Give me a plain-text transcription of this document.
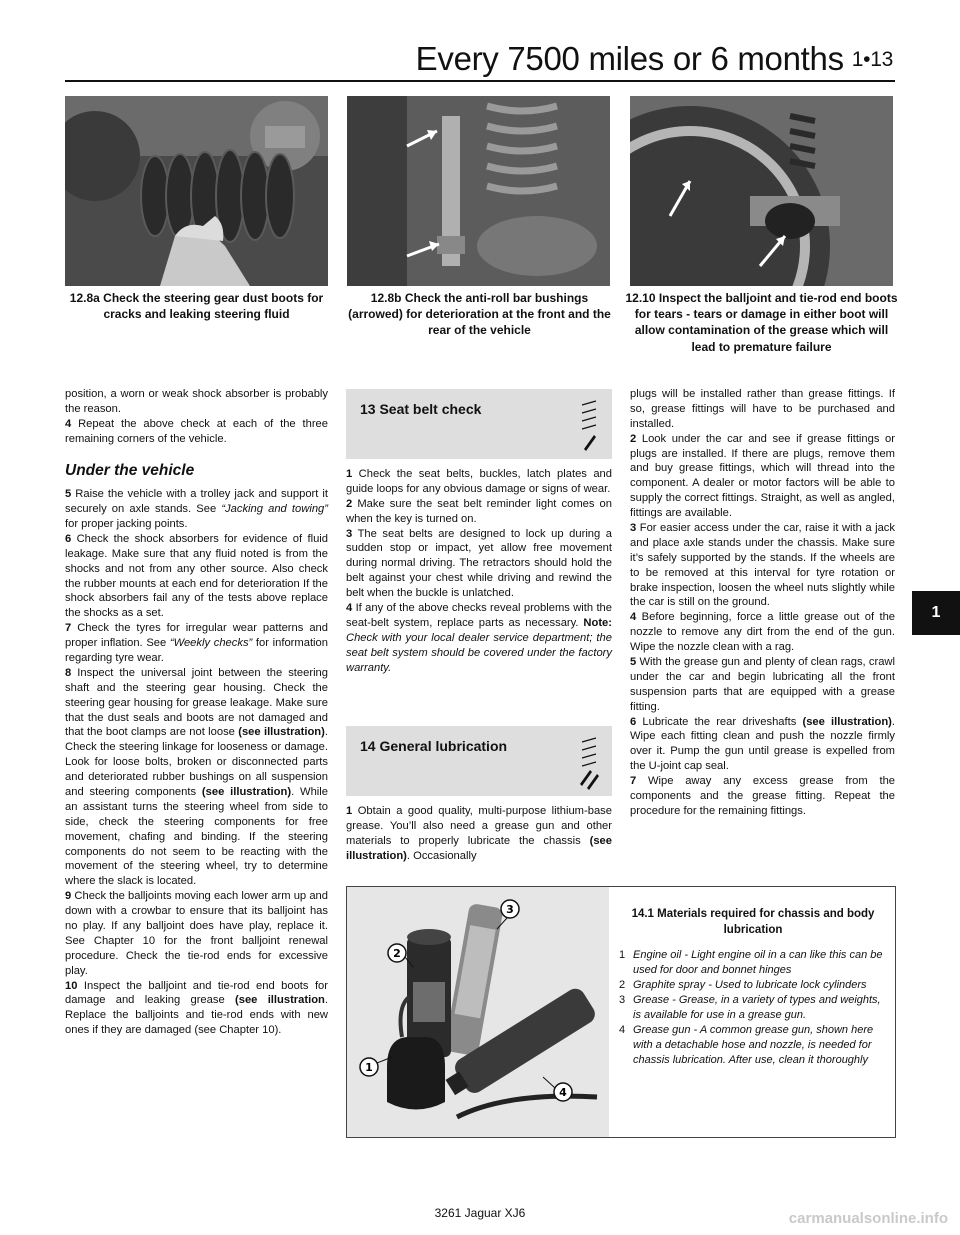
Every 7500 miles or 6 months 1•13
12.8a Check the steering gear dust boots for cracks and leaking steering fluid
12.8b Check the anti-roll bar bushings (arrowed) for deterioration at the front and the rear of the vehicle
12.10 Inspect the balljoint and tie-rod end boots for tears - tears or damage in either boot will allow contamination of the grease which will lead to premature failure

position, a worn or weak shock absorber is probably the reason.

4 Repeat the above check at each of the three remaining corners of the vehicle.

Under the vehicle

5 Raise the vehicle with a trolley jack and support it securely on axle stands. See “Jacking and towing” for proper jacking points.

6 Check the shock absorbers for evidence of fluid leakage. Make sure that any fluid noted is from the shocks and not from any other source. Also check the rubber mounts at each end for deterioration If the shock absorbers fail any of the tests above replace the shocks as a set.

7 Check the tyres for irregular wear patterns and proper inflation. See “Weekly checks” for information regarding tyre wear.

8 Inspect the universal joint between the steering shaft and the steering gear housing. Check the steering gear housing for grease leakage. Make sure that the dust seals and boots are not damaged and that the boot clamps are not loose (see illustration). Check the steering linkage for looseness or damage. Look for loose bolts, broken or disconnected parts and deteriorated rubber bushings on all suspension and steering components (see illustration). While an assistant turns the steering wheel from side to side, check the steering components for free movement, chafing and binding. If the steering components do not seem to be reacting with the movement of the steering wheel, try to determine where the slack is located.

9 Check the balljoints moving each lower arm up and down with a crowbar to ensure that its balljoint has no play. If any balljoint does have play, replace it. See Chapter 10 for the front balljoint renewal procedure. Check the tie-rod ends for excessive play.

10 Inspect the balljoint and tie-rod end boots for damage and leaking grease (see illustration. Replace the balljoints and tie-rod ends with new ones if they are damaged (see Chapter 10).

13 Seat belt check

1 Check the seat belts, buckles, latch plates and guide loops for any obvious damage or signs of wear.

2 Make sure the seat belt reminder light comes on when the key is turned on.

3 The seat belts are designed to lock up during a sudden stop or impact, yet allow free movement during normal driving. The retractors should hold the belt against your chest while driving and rewind the belt when the buckle is unlatched.

4 If any of the above checks reveal problems with the seat-belt system, replace parts as necessary. Note: Check with your local dealer service department; the seat belt system should be covered under the factory warranty.

14 General lubrication

1 Obtain a good quality, multi-purpose lithium-base grease. You’ll also need a grease gun and other materials to properly lubricate the chassis (see illustration). Occasionally

plugs will be installed rather than grease fittings. If so, grease fittings will have to be purchased and installed.

2 Look under the car and see if grease fittings or plugs are installed. If there are plugs, remove them and buy grease fittings, which will thread into the component. A dealer or motor factors will be able to supply the correct fittings. Straight, as well as angled, fittings are available.

3 For easier access under the car, raise it with a jack and place axle stands under the chassis. Make sure it’s safely supported by the stands. If the wheels are to be removed at this interval for tyre rotation or brake inspection, loosen the wheel nuts slightly while the car is still on the ground.

4 Before beginning, force a little grease out of the nozzle to remove any dirt from the end of the gun. Wipe the nozzle clean with a rag.

5 With the grease gun and plenty of clean rags, crawl under the car and begin lubricating all the front suspension parts that are equipped with a grease fitting.

6 Lubricate the rear driveshafts (see illustration). Wipe each fitting clean and push the nozzle firmly over it. Pump the gun until grease is expelled from the U-joint cap seal.

7 Wipe away any excess grease from the components and the grease fitting. Repeat the procedure for the remaining fittings.

1
1
2
3
4
14.1 Materials required for chassis and body lubrication
1 Engine oil - Light engine oil in a can like this can be used for door and bonnet hinges
2 Graphite spray - Used to lubricate lock cylinders
3 Grease - Grease, in a variety of types and weights, is available for use in a grease gun.
4 Grease gun - A common grease gun, shown here with a detachable hose and nozzle, is needed for chassis lubrication. After use, clean it thoroughly
3261 Jaguar XJ6	carmanualsonline.info
